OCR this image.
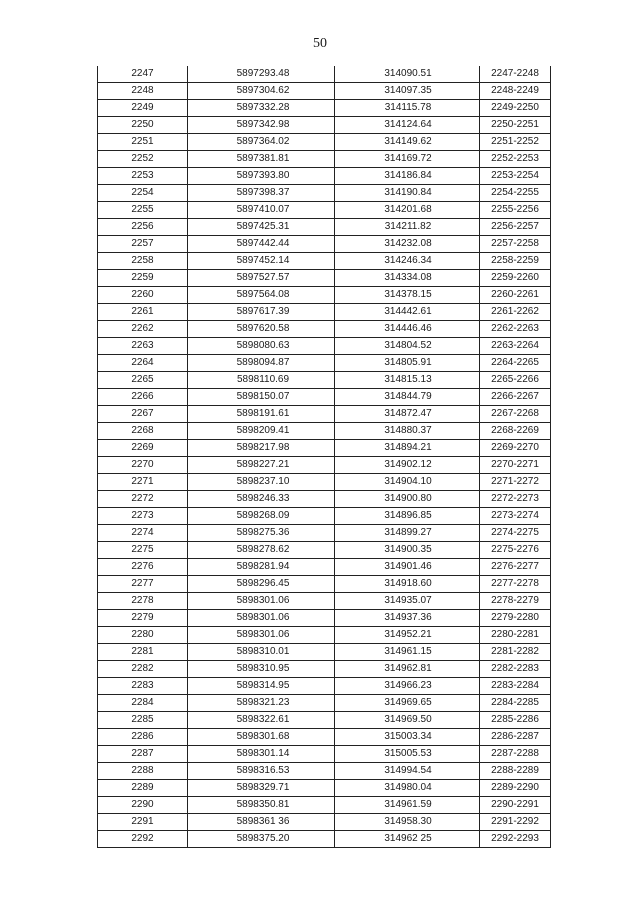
50
2247	5897293.48	314090.51	2247-2248
2248	5897304.62	314097.35	2248-2249
2249	5897332.28	314115.78	2249-2250
2250	5897342.98	314124.64	2250-2251
2251	5897364.02	314149.62	2251-2252
2252	5897381.81	314169.72	2252-2253
2253	5897393.80	314186.84	2253-2254
2254	5897398.37	314190.84	2254-2255
2255	5897410.07	314201.68	2255-2256
2256	5897425.31	314211.82	2256-2257
2257	5897442.44	314232.08	2257-2258
2258	5897452.14	314246.34	2258-2259
2259	5897527.57	314334.08	2259-2260
2260	5897564.08	314378.15	2260-2261
2261	5897617.39	314442.61	2261-2262
2262	5897620.58	314446.46	2262-2263
2263	5898080.63	314804.52	2263-2264
2264	5898094.87	314805.91	2264-2265
2265	5898110.69	314815.13	2265-2266
2266	5898150.07	314844.79	2266-2267
2267	5898191.61	314872.47	2267-2268
2268	5898209.41	314880.37	2268-2269
2269	5898217.98	314894.21	2269-2270
2270	5898227.21	314902.12	2270-2271
2271	5898237.10	314904.10	2271-2272
2272	5898246.33	314900.80	2272-2273
2273	5898268.09	314896.85	2273-2274
2274	5898275.36	314899.27	2274-2275
2275	5898278.62	314900.35	2275-2276
2276	5898281.94	314901.46	2276-2277
2277	5898296.45	314918.60	2277-2278
2278	5898301.06	314935.07	2278-2279
2279	5898301.06	314937.36	2279-2280
2280	5898301.06	314952.21	2280-2281
2281	5898310.01	314961.15	2281-2282
2282	5898310.95	314962.81	2282-2283
2283	5898314.95	314966.23	2283-2284
2284	5898321.23	314969.65	2284-2285
2285	5898322.61	314969.50	2285-2286
2286	5898301.68	315003.34	2286-2287
2287	5898301.14	315005.53	2287-2288
2288	5898316.53	314994.54	2288-2289
2289	5898329.71	314980.04	2289-2290
2290	5898350.81	314961.59	2290-2291
2291	5898361 36	314958.30	2291-2292
2292	5898375.20	314962 25	2292-2293
